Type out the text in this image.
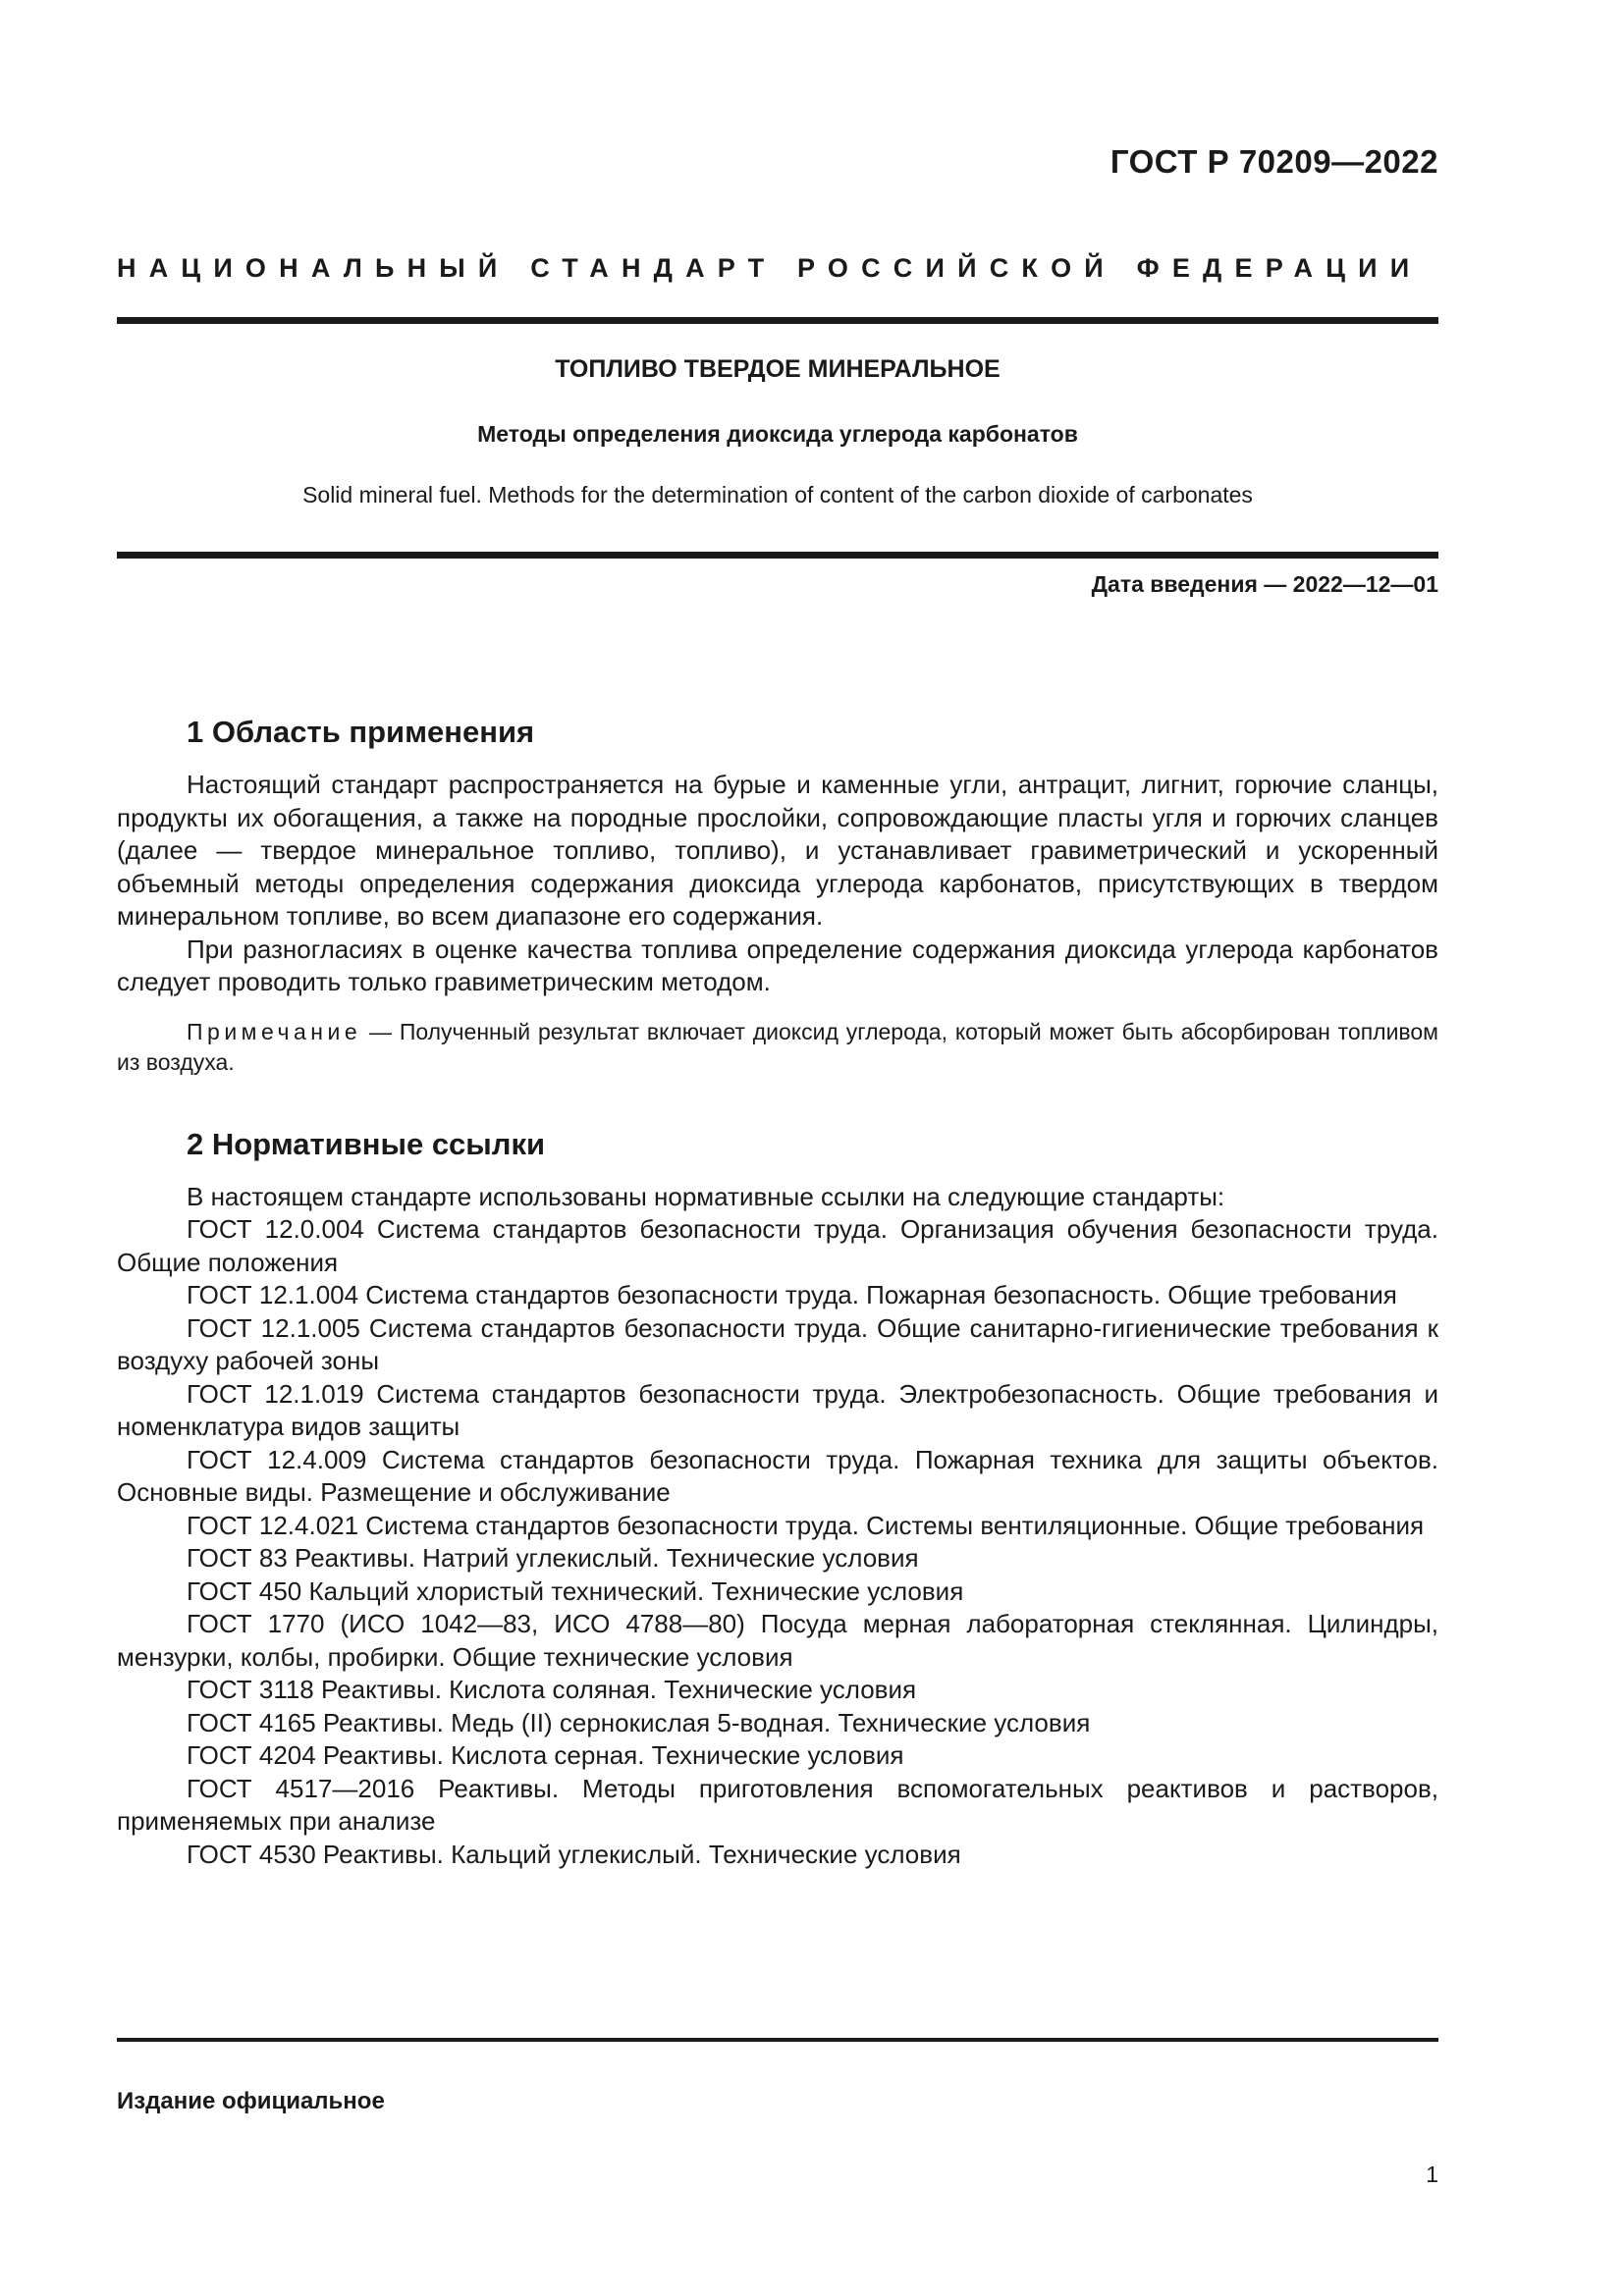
ГОСТ Р 70209—2022
НАЦИОНАЛЬНЫЙ СТАНДАРТ РОССИЙСКОЙ ФЕДЕРАЦИИ
ТОПЛИВО ТВЕРДОЕ МИНЕРАЛЬНОЕ
Методы определения диоксида углерода карбонатов
Solid mineral fuel. Methods for the determination of content of the carbon dioxide of carbonates
Дата введения — 2022—12—01
1 Область применения

Настоящий стандарт распространяется на бурые и каменные угли, антрацит, лигнит, горючие сланцы, продукты их обогащения, а также на породные прослойки, сопровождающие пласты угля и горючих сланцев (далее — твердое минеральное топливо, топливо), и устанавливает гравиметрический и ускоренный объемный методы определения содержания диоксида углерода карбонатов, присутствующих в твердом минеральном топливе, во всем диапазоне его содержания.

При разногласиях в оценке качества топлива определение содержания диоксида углерода карбонатов следует проводить только гравиметрическим методом.

Примечание — Полученный результат включает диоксид углерода, который может быть абсорбирован топливом из воздуха.

2 Нормативные ссылки

В настоящем стандарте использованы нормативные ссылки на следующие стандарты:

ГОСТ 12.0.004 Система стандартов безопасности труда. Организация обучения безопасности труда. Общие положения

ГОСТ 12.1.004 Система стандартов безопасности труда. Пожарная безопасность. Общие требования

ГОСТ 12.1.005 Система стандартов безопасности труда. Общие санитарно-гигиенические требования к воздуху рабочей зоны

ГОСТ 12.1.019 Система стандартов безопасности труда. Электробезопасность. Общие требования и номенклатура видов защиты

ГОСТ 12.4.009 Система стандартов безопасности труда. Пожарная техника для защиты объектов. Основные виды. Размещение и обслуживание

ГОСТ 12.4.021 Система стандартов безопасности труда. Системы вентиляционные. Общие требования

ГОСТ 83 Реактивы. Натрий углекислый. Технические условия

ГОСТ 450 Кальций хлористый технический. Технические условия

ГОСТ 1770 (ИСО 1042—83, ИСО 4788—80) Посуда мерная лабораторная стеклянная. Цилиндры, мензурки, колбы, пробирки. Общие технические условия

ГОСТ 3118 Реактивы. Кислота соляная. Технические условия

ГОСТ 4165 Реактивы. Медь (II) сернокислая 5-водная. Технические условия

ГОСТ 4204 Реактивы. Кислота серная. Технические условия

ГОСТ 4517—2016 Реактивы. Методы приготовления вспомогательных реактивов и растворов, применяемых при анализе

ГОСТ 4530 Реактивы. Кальций углекислый. Технические условия

Издание официальное
1
